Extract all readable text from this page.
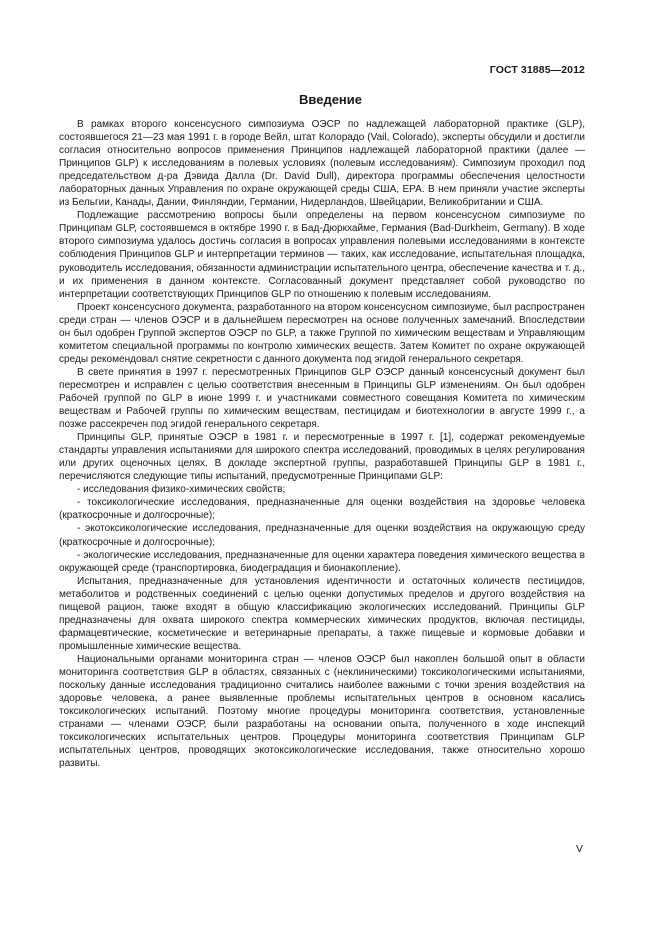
ГОСТ 31885—2012
Введение

В рамках второго консенсусного симпозиума ОЭСР по надлежащей лабораторной практике (GLP), состоявшегося 21—23 мая 1991 г. в городе Вейл, штат Колорадо (Vail, Colorado), эксперты обсудили и достигли согласия относительно вопросов применения Принципов надлежащей лабораторной практики (далее — Принципов GLP) к исследованиям в полевых условиях (полевым исследованиям). Симпозиум проходил под председательством д-ра Дэвида Далла (Dr. David Dull), директора программы обеспечения целостности лабораторных данных Управления по охране окружающей среды США, EPA. В нем приняли участие эксперты из Бельгии, Канады, Дании, Финляндии, Германии, Нидерландов, Швейцарии, Великобритании и США.

Подлежащие рассмотрению вопросы были определены на первом консенсусном симпозиуме по Принципам GLP, состоявшемся в октябре 1990 г. в Бад-Дюркхайме, Германия (Bad-Durkheim, Germany). В ходе второго симпозиума удалось достичь согласия в вопросах управления полевыми исследованиями в контексте соблюдения Принципов GLP и интерпретации терминов — таких, как исследование, испытательная площадка, руководитель исследования, обязанности администрации испытательного центра, обеспечение качества и т. д., и их применения в данном контексте. Согласованный документ представляет собой руководство по интерпретации соответствующих Принципов GLP по отношению к полевым исследованиям.

Проект консенсусного документа, разработанного на втором консенсусном симпозиуме, был распространен среди стран — членов ОЭСР и в дальнейшем пересмотрен на основе полученных замечаний. Впоследствии он был одобрен Группой экспертов ОЭСР по GLP, а также Группой по химическим веществам и Управляющим комитетом специальной программы по контролю химических веществ. Затем Комитет по охране окружающей среды рекомендовал снятие секретности с данного документа под эгидой генерального секретаря.

В свете принятия в 1997 г. пересмотренных Принципов GLP ОЭСР данный консенсусный документ был пересмотрен и исправлен с целью соответствия внесенным в Принципы GLP изменениям. Он был одобрен Рабочей группой по GLP в июне 1999 г. и участниками совместного совещания Комитета по химическим веществам и Рабочей группы по химическим веществам, пестицидам и биотехнологии в августе 1999 г., а позже рассекречен под эгидой генерального секретаря.

Принципы GLP, принятые ОЭСР в 1981 г. и пересмотренные в 1997 г. [1], содержат рекомендуемые стандарты управления испытаниями для широкого спектра исследований, проводимых в целях регулирования или других оценочных целях. В докладе экспертной группы, разработавшей Принципы GLP в 1981 г., перечисляются следующие типы испытаний, предусмотренные Принципами GLP:

- исследования физико-химических свойств;

- токсикологические исследования, предназначенные для оценки воздействия на здоровье человека (краткосрочные и долгосрочные);

- экотоксикологические исследования, предназначенные для оценки воздействия на окружающую среду (краткосрочные и долгосрочные);

- экологические исследования, предназначенные для оценки характера поведения химического вещества в окружающей среде (транспортировка, биодеградация и бионакопление).

Испытания, предназначенные для установления идентичности и остаточных количеств пестицидов, метаболитов и родственных соединений с целью оценки допустимых пределов и другого воздействия на пищевой рацион, также входят в общую классификацию экологических исследований. Принципы GLP предназначены для охвата широкого спектра коммерческих химических продуктов, включая пестициды, фармацевтические, косметические и ветеринарные препараты, а также пищевые и кормовые добавки и промышленные химические вещества.

Национальными органами мониторинга стран — членов ОЭСР был накоплен большой опыт в области мониторинга соответствия GLP в областях, связанных с (неклиническими) токсикологическими испытаниями, поскольку данные исследования традиционно считались наиболее важными с точки зрения воздействия на здоровье человека, а ранее выявленные проблемы испытательных центров в основном касались токсикологических испытаний. Поэтому многие процедуры мониторинга соответствия, установленные странами — членами ОЭСР, были разработаны на основании опыта, полученного в ходе инспекций токсикологических испытательных центров. Процедуры мониторинга соответствия Принципам GLP испытательных центров, проводящих экотоксикологические исследования, также относительно хорошо развиты.

V
